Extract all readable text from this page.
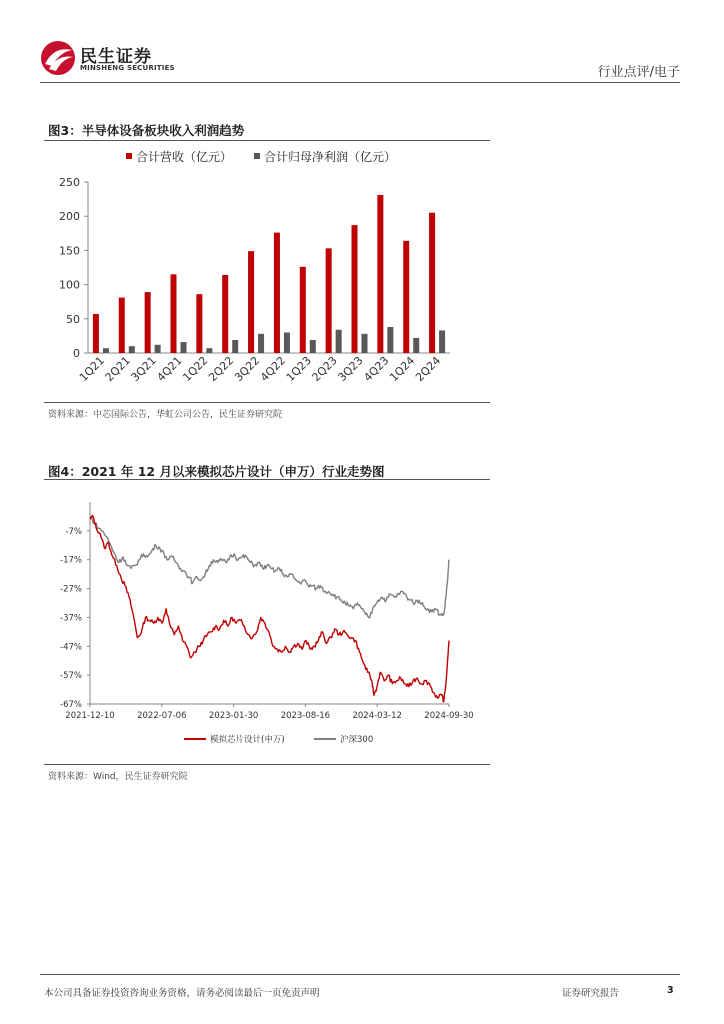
民生证券
MINSHENG SECURITIES	行业点评/电子
图3：半导体设备板块收入利润趋势
合计营收（亿元）	合计归母净利润（亿元）
0
50
100
150
200
250
1Q21
2Q21
3Q21
4Q21
1Q22
2Q22
3Q22
4Q22
1Q23
2Q23
3Q23
4Q23
1Q24
2Q24
资料来源：中芯国际公告，华虹公司公告，民生证券研究院
图4：2021 年 12 月以来模拟芯片设计（申万）行业走势图
-7%
-17%
-27%
-37%
-47%
-57%
-67%
2021-12-10	2022-07-06	2023-01-30	2023-08-16	2024-03-12	2024-09-30
模拟芯片设计(申万)	沪深300
资料来源：Wind，民生证券研究院
本公司具备证券投资咨询业务资格，请务必阅读最后一页免责声明	证券研究报告	3
